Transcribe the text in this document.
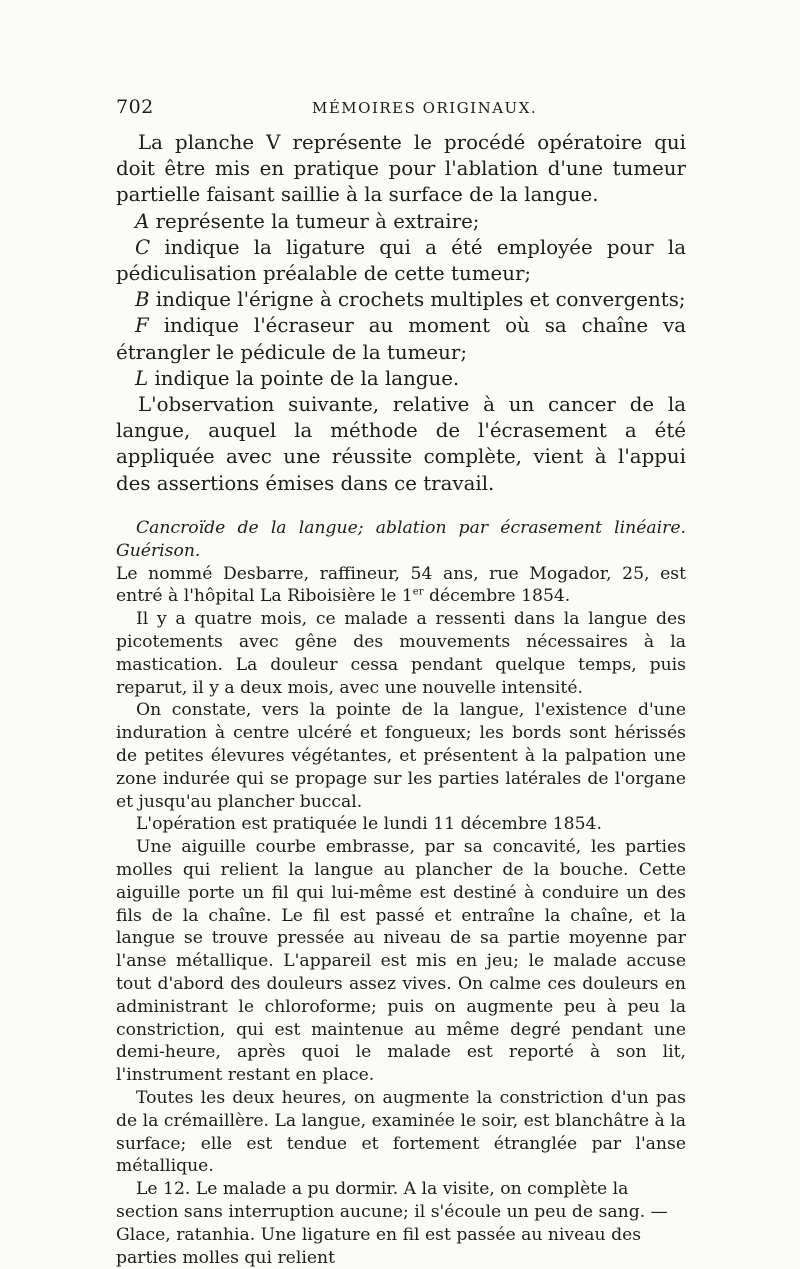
702	MÉMOIRES ORIGINAUX.

La planche V représente le procédé opératoire qui doit être mis en pratique pour l'ablation d'une tumeur partielle faisant saillie à la surface de la langue.

A représente la tumeur à extraire;

C indique la ligature qui a été employée pour la pédiculisation préalable de cette tumeur;

B indique l'érigne à crochets multiples et convergents;

F indique l'écraseur au moment où sa chaîne va étrangler le pédicule de la tumeur;

L indique la pointe de la langue.

L'observation suivante, relative à un cancer de la langue, auquel la méthode de l'écrasement a été appliquée avec une réussite complète, vient à l'appui des assertions émises dans ce travail.

Cancroïde de la langue; ablation par écrasement linéaire. Guérison.

Le nommé Desbarre, raffineur, 54 ans, rue Mogador, 25, est entré à l'hôpital La Riboisière le 1er décembre 1854.

Il y a quatre mois, ce malade a ressenti dans la langue des picotements avec gêne des mouvements nécessaires à la mastication. La douleur cessa pendant quelque temps, puis reparut, il y a deux mois, avec une nouvelle intensité.

On constate, vers la pointe de la langue, l'existence d'une induration à centre ulcéré et fongueux; les bords sont hérissés de petites élevures végétantes, et présentent à la palpation une zone indurée qui se propage sur les parties latérales de l'organe et jusqu'au plancher buccal.

L'opération est pratiquée le lundi 11 décembre 1854.

Une aiguille courbe embrasse, par sa concavité, les parties molles qui relient la langue au plancher de la bouche. Cette aiguille porte un fil qui lui-même est destiné à conduire un des fils de la chaîne. Le fil est passé et entraîne la chaîne, et la langue se trouve pressée au niveau de sa partie moyenne par l'anse métallique. L'appareil est mis en jeu; le malade accuse tout d'abord des douleurs assez vives. On calme ces douleurs en administrant le chloroforme; puis on augmente peu à peu la constriction, qui est maintenue au même degré pendant une demi-heure, après quoi le malade est reporté à son lit, l'instrument restant en place.

Toutes les deux heures, on augmente la constriction d'un pas de la crémaillère. La langue, examinée le soir, est blanchâtre à la surface; elle est tendue et fortement étranglée par l'anse métallique.

Le 12. Le malade a pu dormir. A la visite, on complète la section sans interruption aucune; il s'écoule un peu de sang. — Glace, ratanhia. Une ligature en fil est passée au niveau des parties molles qui relient
